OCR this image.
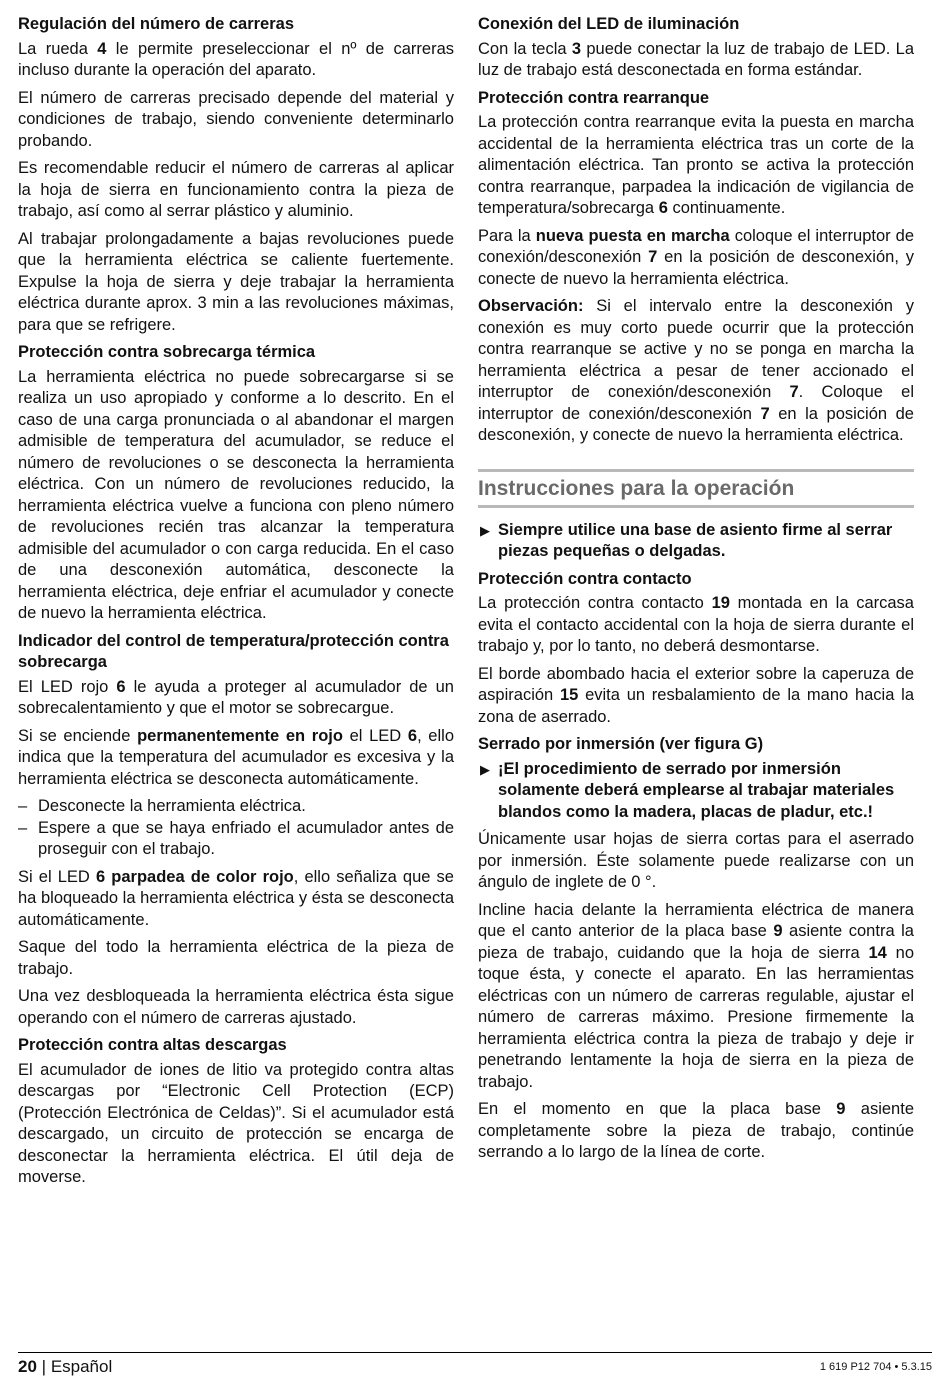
Regulación del número de carreras

La rueda 4 le permite preseleccionar el nº de carreras incluso durante la operación del aparato.

El número de carreras precisado depende del material y condiciones de trabajo, siendo conveniente determinarlo probando.

Es recomendable reducir el número de carreras al aplicar la hoja de sierra en funcionamiento contra la pieza de trabajo, así como al serrar plástico y aluminio.

Al trabajar prolongadamente a bajas revoluciones puede que la herramienta eléctrica se caliente fuertemente. Expulse la hoja de sierra y deje trabajar la herramienta eléctrica durante aprox. 3 min a las revoluciones máximas, para que se refrigere.

Protección contra sobrecarga térmica

La herramienta eléctrica no puede sobrecargarse si se realiza un uso apropiado y conforme a lo descrito. En el caso de una carga pronunciada o al abandonar el margen admisible de temperatura del acumulador, se reduce el número de revoluciones o se desconecta la herramienta eléctrica. Con un número de revoluciones reducido, la herramienta eléctrica vuelve a funciona con pleno número de revoluciones recién tras alcanzar la temperatura admisible del acumulador o con carga reducida. En el caso de una desconexión automática, desconecte la herramienta eléctrica, deje enfriar el acumulador y conecte de nuevo la herramienta eléctrica.

Indicador del control de temperatura/protección contra sobrecarga

El LED rojo 6 le ayuda a proteger al acumulador de un sobrecalentamiento y que el motor se sobrecargue.

Si se enciende permanentemente en rojo el LED 6, ello indica que la temperatura del acumulador es excesiva y la herramienta eléctrica se desconecta automáticamente.

– Desconecte la herramienta eléctrica.
– Espere a que se haya enfriado el acumulador antes de proseguir con el trabajo.

Si el LED 6 parpadea de color rojo, ello señaliza que se ha bloqueado la herramienta eléctrica y ésta se desconecta automáticamente.

Saque del todo la herramienta eléctrica de la pieza de trabajo.

Una vez desbloqueada la herramienta eléctrica ésta sigue operando con el número de carreras ajustado.

Protección contra altas descargas

El acumulador de iones de litio va protegido contra altas descargas por “Electronic Cell Protection (ECP) (Protección Electrónica de Celdas)”. Si el acumulador está descargado, un circuito de protección se encarga de desconectar la herramienta eléctrica. El útil deja de moverse.

Conexión del LED de iluminación

Con la tecla 3 puede conectar la luz de trabajo de LED. La luz de trabajo está desconectada en forma estándar.

Protección contra rearranque

La protección contra rearranque evita la puesta en marcha accidental de la herramienta eléctrica tras un corte de la alimentación eléctrica. Tan pronto se activa la protección contra rearranque, parpadea la indicación de vigilancia de temperatura/sobrecarga 6 continuamente.

Para la nueva puesta en marcha coloque el interruptor de conexión/desconexión 7 en la posición de desconexión, y conecte de nuevo la herramienta eléctrica.

Observación: Si el intervalo entre la desconexión y conexión es muy corto puede ocurrir que la protección contra rearranque se active y no se ponga en marcha la herramienta eléctrica a pesar de tener accionado el interruptor de conexión/desconexión 7. Coloque el interruptor de conexión/desconexión 7 en la posición de desconexión, y conecte de nuevo la herramienta eléctrica.

Instrucciones para la operación
▶ Siempre utilice una base de asiento firme al serrar piezas pequeñas o delgadas.
Protección contra contacto

La protección contra contacto 19 montada en la carcasa evita el contacto accidental con la hoja de sierra durante el trabajo y, por lo tanto, no deberá desmontarse.

El borde abombado hacia el exterior sobre la caperuza de aspiración 15 evita un resbalamiento de la mano hacia la zona de aserrado.

Serrado por inmersión (ver figura G)
▶ ¡El procedimiento de serrado por inmersión solamente deberá emplearse al trabajar materiales blandos como la madera, placas de pladur, etc.!

Únicamente usar hojas de sierra cortas para el aserrado por inmersión. Éste solamente puede realizarse con un ángulo de inglete de 0 °.

Incline hacia delante la herramienta eléctrica de manera que el canto anterior de la placa base 9 asiente contra la pieza de trabajo, cuidando que la hoja de sierra 14 no toque ésta, y conecte el aparato. En las herramientas eléctricas con un número de carreras regulable, ajustar el número de carreras máximo. Presione firmemente la herramienta eléctrica contra la pieza de trabajo y deje ir penetrando lentamente la hoja de sierra en la pieza de trabajo.

En el momento en que la placa base 9 asiente completamente sobre la pieza de trabajo, continúe serrando a lo largo de la línea de corte.

20 | Español	1 619 P12 704 • 5.3.15
